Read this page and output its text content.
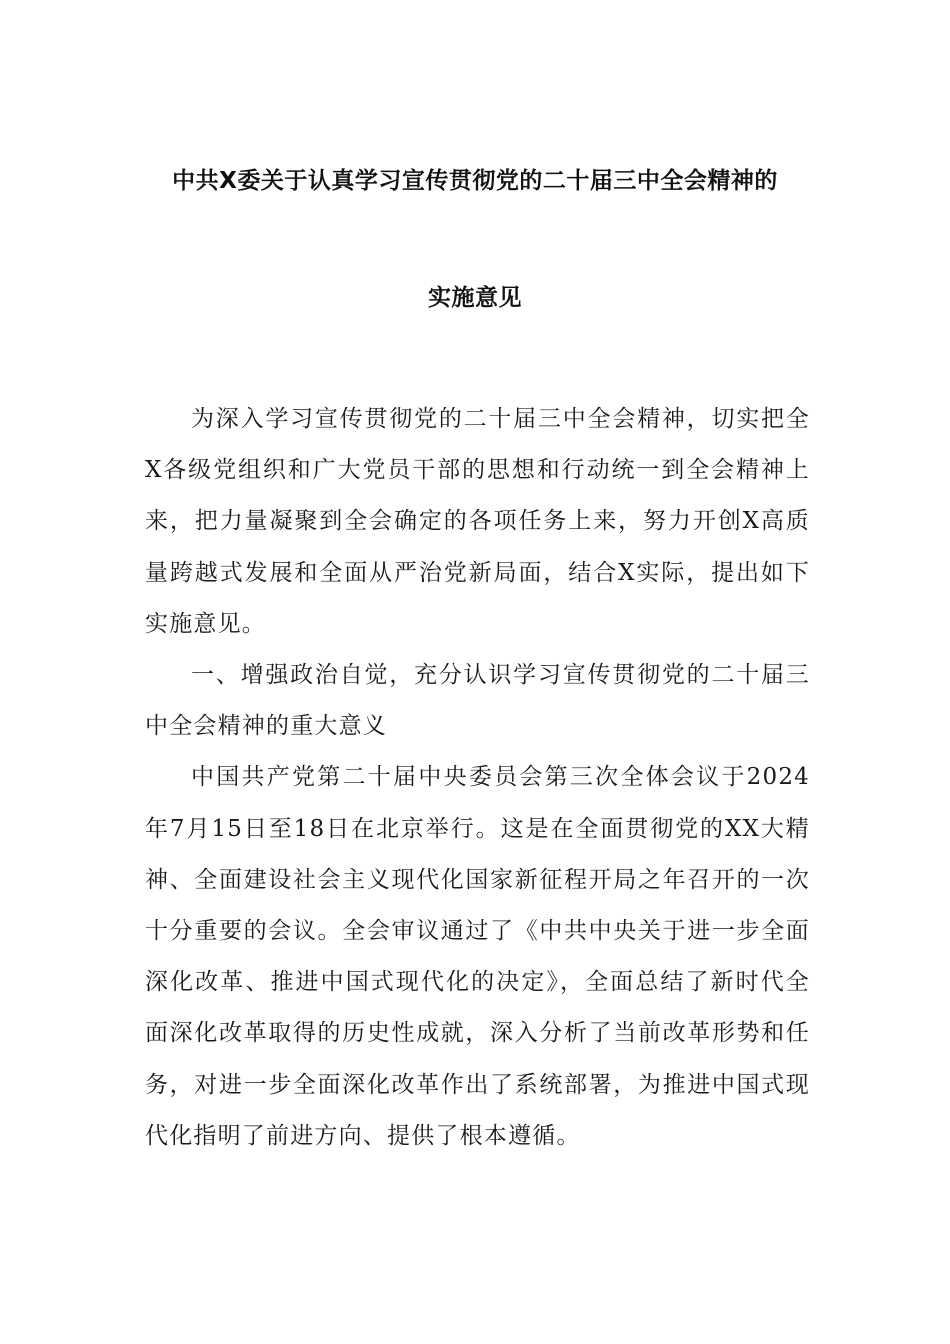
中共X委关于认真学习宣传贯彻党的二十届三中全会精神的
实施意见

为深入学习宣传贯彻党的二十届三中全会精神，切实把全X各级党组织和广大党员干部的思想和行动统一到全会精神上来，把力量凝聚到全会确定的各项任务上来，努力开创X高质量跨越式发展和全面从严治党新局面，结合X实际，提出如下实施意见。

一、增强政治自觉，充分认识学习宣传贯彻党的二十届三中全会精神的重大意义

中国共产党第二十届中央委员会第三次全体会议于2024年7月15日至18日在北京举行。这是在全面贯彻党的XX大精神、全面建设社会主义现代化国家新征程开局之年召开的一次十分重要的会议。全会审议通过了《中共中央关于进一步全面深化改革、推进中国式现代化的决定》，全面总结了新时代全面深化改革取得的历史性成就，深入分析了当前改革形势和任务，对进一步全面深化改革作出了系统部署，为推进中国式现代化指明了前进方向、提供了根本遵循。
